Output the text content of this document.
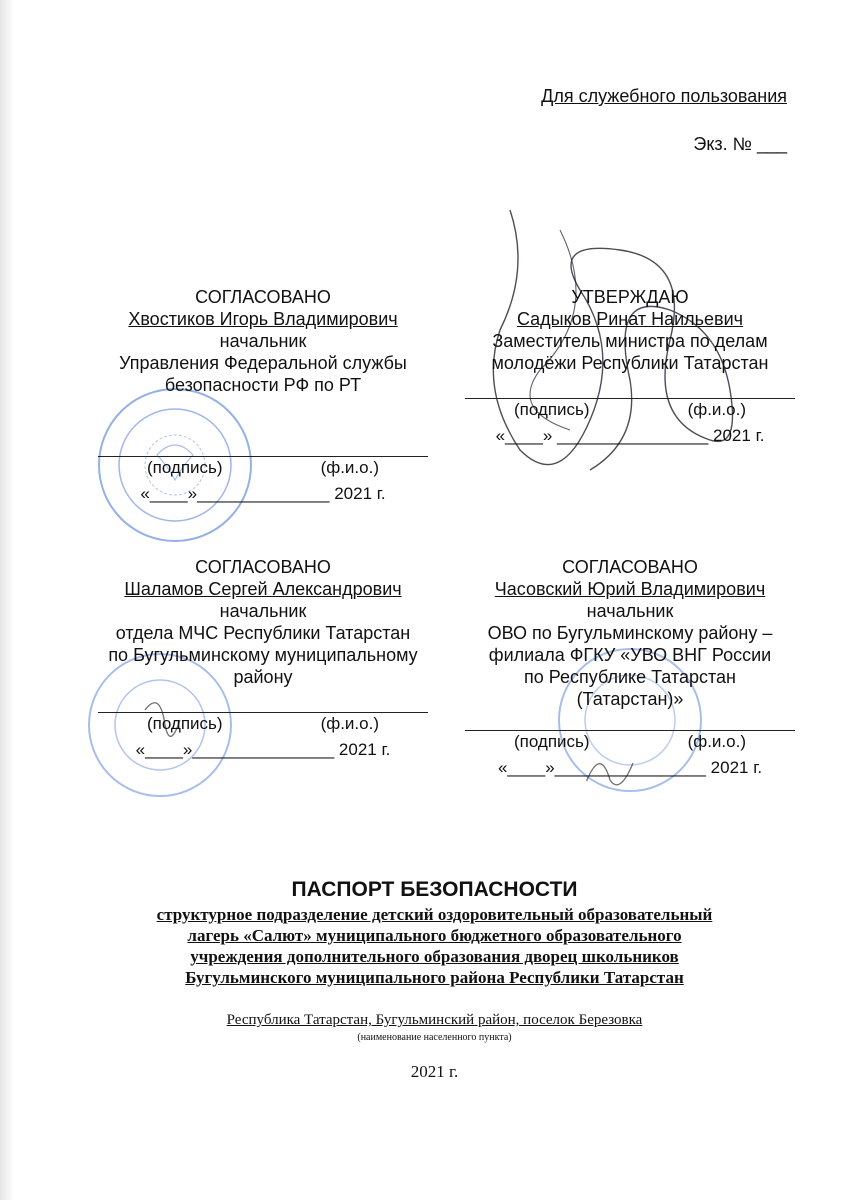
Для служебного пользования
Экз. № ___
СОГЛАСОВАНО
Хвостиков Игорь Владимирович
начальник
Управления Федеральной службы
безопасности РФ по РТ
(подпись)	(ф.и.о.)
«____»______________ 2021 г.
УТВЕРЖДАЮ
Садыков Ринат Наильевич
Заместитель министра по делам
молодёжи Республики Татарстан
(подпись)	(ф.и.о.)
«____» ________________ 2021 г.
СОГЛАСОВАНО
Шаламов Сергей Александрович
начальник
отдела МЧС Республики Татарстан
по Бугульминскому муниципальному
району
(подпись)	(ф.и.о.)
«____»_______________ 2021 г.
СОГЛАСОВАНО
Часовский Юрий Владимирович
начальник
ОВО по Бугульминскому району –
филиала ФГКУ «УВО ВНГ России
по Республике Татарстан
(Татарстан)»
(подпись)	(ф.и.о.)
«____»________________ 2021 г.
ПАСПОРТ БЕЗОПАСНОСТИ
структурное подразделение детский оздоровительный образовательный
лагерь «Салют» муниципального бюджетного образовательного
учреждения дополнительного образования дворец школьников
Бугульминского муниципального района Республики Татарстан
Республика Татарстан, Бугульминский район, поселок Березовка
(наименование населенного пункта)
2021 г.
